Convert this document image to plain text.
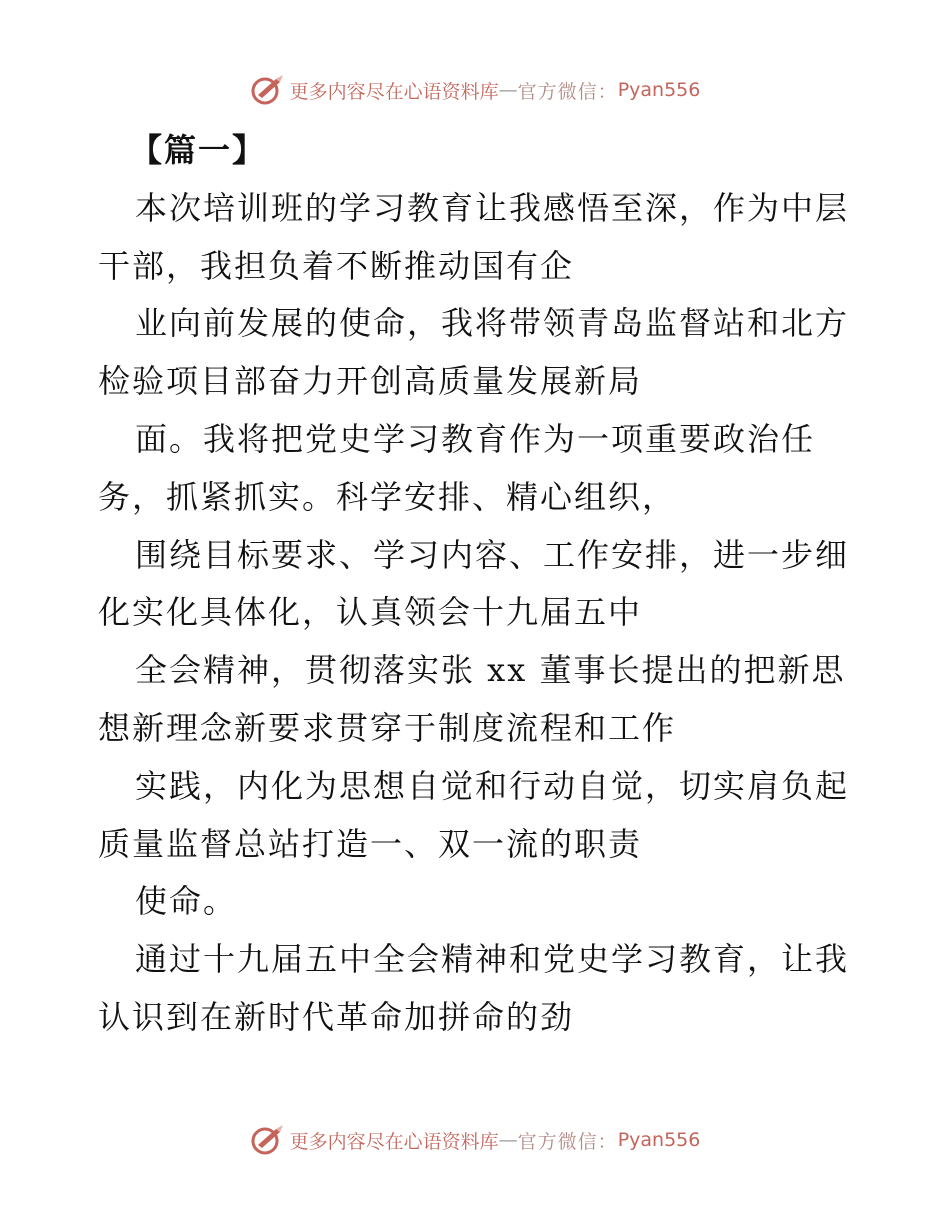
更多内容尽在心语资料库 — 官方微信： Pyan556
【篇一】
本次培训班的学习教育让我感悟至深，作为中层
干部，我担负着不断推动国有企
业向前发展的使命，我将带领青岛监督站和北方
检验项目部奋力开创高质量发展新局
面。我将把党史学习教育作为一项重要政治任
务，抓紧抓实。科学安排、精心组织，
围绕目标要求、学习内容、工作安排，进一步细
化实化具体化，认真领会十九届五中
全会精神，贯彻落实张 xx 董事长提出的把新思
想新理念新要求贯穿于制度流程和工作
实践，内化为思想自觉和行动自觉，切实肩负起
质量监督总站打造一、双一流的职责
使命。
通过十九届五中全会精神和党史学习教育，让我
认识到在新时代革命加拼命的劲
更多内容尽在心语资料库 — 官方微信： Pyan556
